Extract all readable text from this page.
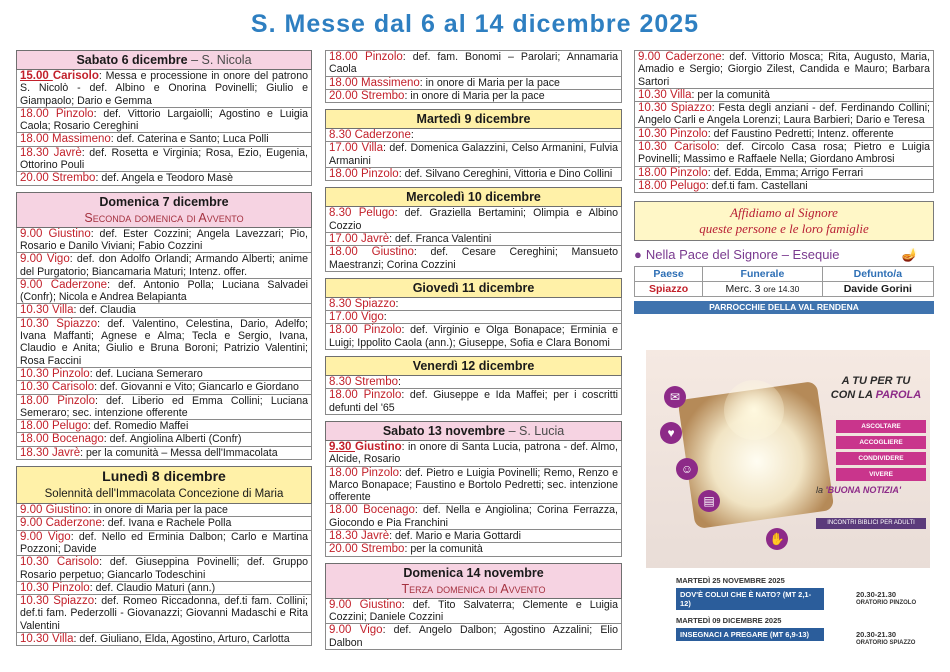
S. Messe dal 6 al 14 dicembre 2025
Sabato 6 dicembre – S. Nicola
15.00 Carisolo: Messa e processione in onore del patrono S. Nicolò - def. Albino e Onorina Povinelli; Giulio e Giampaolo; Dario e Gemma
18.00 Pinzolo: def. Vittorio Largaiolli; Agostino e Luigia Caola; Rosario Cereghini
18.00 Massimeno: def. Caterina e Santo; Luca Polli
18.30 Javrè: def. Rosetta e Virginia; Rosa, Ezio, Eugenia, Ottorino Pouli
20.00 Strembo: def. Angela e Teodoro Masè
Domenica 7 dicembre
Seconda domenica di Avvento
9.00 Giustino: def. Ester Cozzini; Angela Lavezzari; Pio, Rosario e Danilo Viviani; Fabio Cozzini
9.00 Vigo: def. don Adolfo Orlandi; Armando Alberti; anime del Purgatorio; Biancamaria Maturi; Intenz. offer.
9.00 Caderzone: def. Antonio Polla; Luciana Salvadei (Confr); Nicola e Andrea Belapianta
10.30 Villa: def. Claudia
10.30 Spiazzo: def. Valentino, Celestina, Dario, Adelfo; Ivana Maffanti; Agnese e Alma; Tecla e Sergio, Ivana, Claudio e Anita; Giulio e Bruna Boroni; Patrizio Valentini; Rosa Faccini
10.30 Pinzolo: def. Luciana Semeraro
10.30 Carisolo: def. Giovanni e Vito; Giancarlo e Giordano
18.00 Pinzolo: def. Liberio ed Emma Collini; Luciana Semeraro; sec. intenzione offerente
18.00 Pelugo: def. Romedio Maffei
18.00 Bocenago: def. Angiolina Alberti (Confr)
18.30 Javrè: per la comunità – Messa dell'Immacolata
Lunedì 8 dicembre
Solennità dell'Immacolata Concezione di Maria
9.00 Giustino: in onore di Maria per la pace
9.00 Caderzone: def. Ivana e Rachele Polla
9.00 Vigo: def. Nello ed Erminia Dalbon; Carlo e Martina Pozzoni; Davide
10.30 Carisolo: def. Giuseppina Povinelli; def. Gruppo Rosario perpetuo; Giancarlo Todeschini
10.30 Pinzolo: def. Claudio Maturi (ann.)
10.30 Spiazzo: def. Romeo Riccadonna, def.ti fam. Collini; def.ti fam. Pederzolli - Giovanazzi; Giovanni Madaschi e Rita Valentini
10.30 Villa: def. Giuliano, Elda, Agostino, Arturo, Carlotta
18.00 Pinzolo: def. fam. Bonomi – Parolari; Annamaria Caola
18.00 Massimeno: in onore di Maria per la pace
20.00 Strembo: in onore di Maria per la pace
Martedì 9 dicembre
8.30 Caderzone:
17.00 Villa: def. Domenica Galazzini, Celso Armanini, Fulvia Armanini
18.00 Pinzolo: def. Silvano Cereghini, Vittoria e Dino Collini
Mercoledì 10 dicembre
8.30 Pelugo: def. Graziella Bertamini; Olimpia e Albino Cozzio
17.00 Javrè: def. Franca Valentini
18.00 Giustino: def. Cesare Cereghini; Mansueto Maestranzi; Corina Cozzini
Giovedì 11 dicembre
8.30 Spiazzo:
17.00 Vigo:
18.00 Pinzolo: def. Virginio e Olga Bonapace; Erminia e Luigi; Ippolito Caola (ann.); Giuseppe, Sofia e Clara Bonomi
Venerdì 12 dicembre
8.30 Strembo:
18.00 Pinzolo: def. Giuseppe e Ida Maffei; per i coscritti defunti del '65
Sabato 13 novembre – S. Lucia
9.30 Giustino: in onore di Santa Lucia, patrona - def. Almo, Alcide, Rosario
18.00 Pinzolo: def. Pietro e Luigia Povinelli; Remo, Renzo e Marco Bonapace; Faustino e Bortolo Pedretti; sec. intenzione offerente
18.00 Bocenago: def. Nella e Angiolina; Corina Ferrazza, Giocondo e Pia Franchini
18.30 Javrè: def. Mario e Maria Gottardi
20.00 Strembo: per la comunità
Domenica 14 novembre
Terza domenica di Avvento
9.00 Giustino: def. Tito Salvaterra; Clemente e Luigia Cozzini; Daniele Cozzini
9.00 Vigo: def. Angelo Dalbon; Agostino Azzalini; Elio Dalbon
9.00 Caderzone: def. Vittorio Mosca; Rita, Augusto, Maria, Amadio e Sergio; Giorgio Zilest, Candida e Mauro; Barbara Sartori
10.30 Villa: per la comunità
10.30 Spiazzo: Festa degli anziani - def. Ferdinando Collini; Angelo Carli e Angela Lorenzi; Laura Barbieri; Dario e Teresa
10.30 Pinzolo: def Faustino Pedretti; Intenz. offerente
10.30 Carisolo: def. Circolo Casa rosa; Pietro e Luigia Povinelli; Massimo e Raffaele Nella; Giordano Ambrosi
18.00 Pinzolo: def. Edda, Emma; Arrigo Ferrari
18.00 Pelugo: def.ti fam. Castellani
Affidiamo al Signore
queste persone e le loro famiglie
● Nella Pace del Signore – Esequie	🪔
Paese	Funerale	Defunto/a
Spiazzo	Merc. 3 ore 14.30	Davide Gorini
PARROCCHIE DELLA VAL RENDENA
✉
♥
☺
▤
✋
A TU PER TU
CON LA PAROLA
ASCOLTARE
ACCOGLIERE
CONDIVIDERE
VIVERE
la 'BUONA NOTIZIA'
INCONTRI BIBLICI PER ADULTI
MARTEDÌ 25 NOVEMBRE 2025
DOV'È COLUI CHE È NATO? (MT 2,1-12)
20.30-21.30
ORATORIO PINZOLO
MARTEDÌ 09 DICEMBRE 2025
INSEGNACI A PREGARE (MT 6,9-13)	20.30-21.30
ORATORIO SPIAZZO
